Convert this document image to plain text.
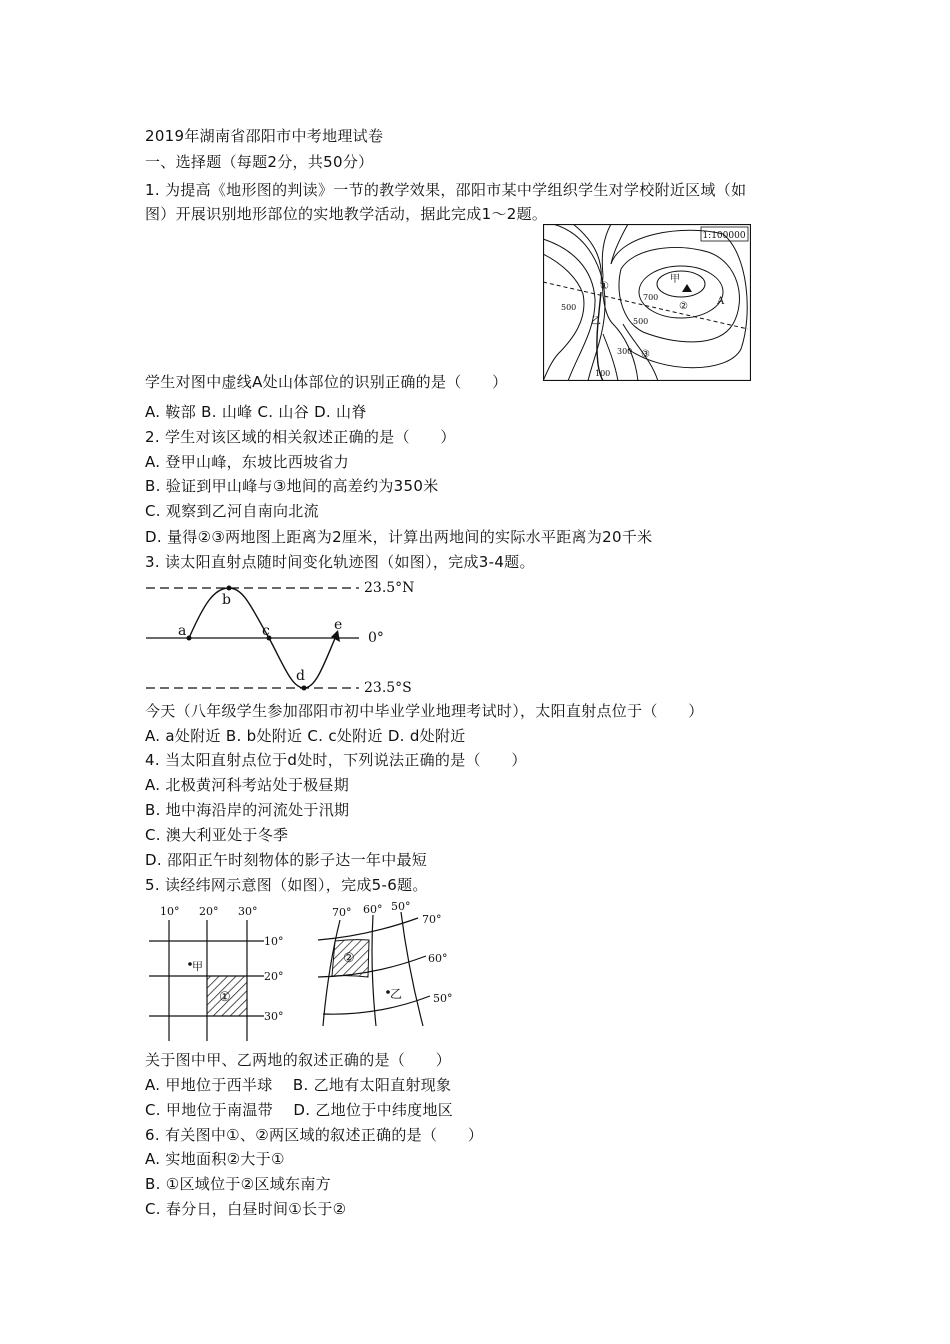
2019年湖南省邵阳市中考地理试卷
一、选择题（每题2分，共50分）
1. 为提高《地形图的判读》一节的教学效果，邵阳市某中学组织学生对学校附近区域（如
图）开展识别地形部位的实地教学活动，据此完成1～2题。
1:100000
甲
A
①
②
③
乙
700
500
500
300
100
学生对图中虚线A处山体部位的识别正确的是（　　）
A. 鞍部 B. 山峰 C. 山谷 D. 山脊
2. 学生对该区域的相关叙述正确的是（　　）
A. 登甲山峰，东坡比西坡省力
B. 验证到甲山峰与③地间的高差约为350米
C. 观察到乙河自南向北流
D. 量得②③两地图上距离为2厘米，计算出两地间的实际水平距离为20千米
3. 读太阳直射点随时间变化轨迹图（如图），完成3-4题。
a
b
c
d
e
23.5°N
0°
23.5°S
今天（八年级学生参加邵阳市初中毕业学业地理考试时），太阳直射点位于（　　）
A. a处附近 B. b处附近 C. c处附近 D. d处附近
4. 当太阳直射点位于d处时，下列说法正确的是（　　）
A. 北极黄河科考站处于极昼期
B. 地中海沿岸的河流处于汛期
C. 澳大利亚处于冬季
D. 邵阳正午时刻物体的影子达一年中最短
5. 读经纬网示意图（如图），完成5-6题。
10° 20° 30°
10°
20°
30°
甲
①
70° 60° 50°
70°
60°
50°
乙
②
关于图中甲、乙两地的叙述正确的是（　　）
A. 甲地位于西半球　 B. 乙地有太阳直射现象
C. 甲地位于南温带　 D. 乙地位于中纬度地区
6. 有关图中①、②两区域的叙述正确的是（　　）
A. 实地面积②大于①
B. ①区域位于②区域东南方
C. 春分日，白昼时间①长于②
